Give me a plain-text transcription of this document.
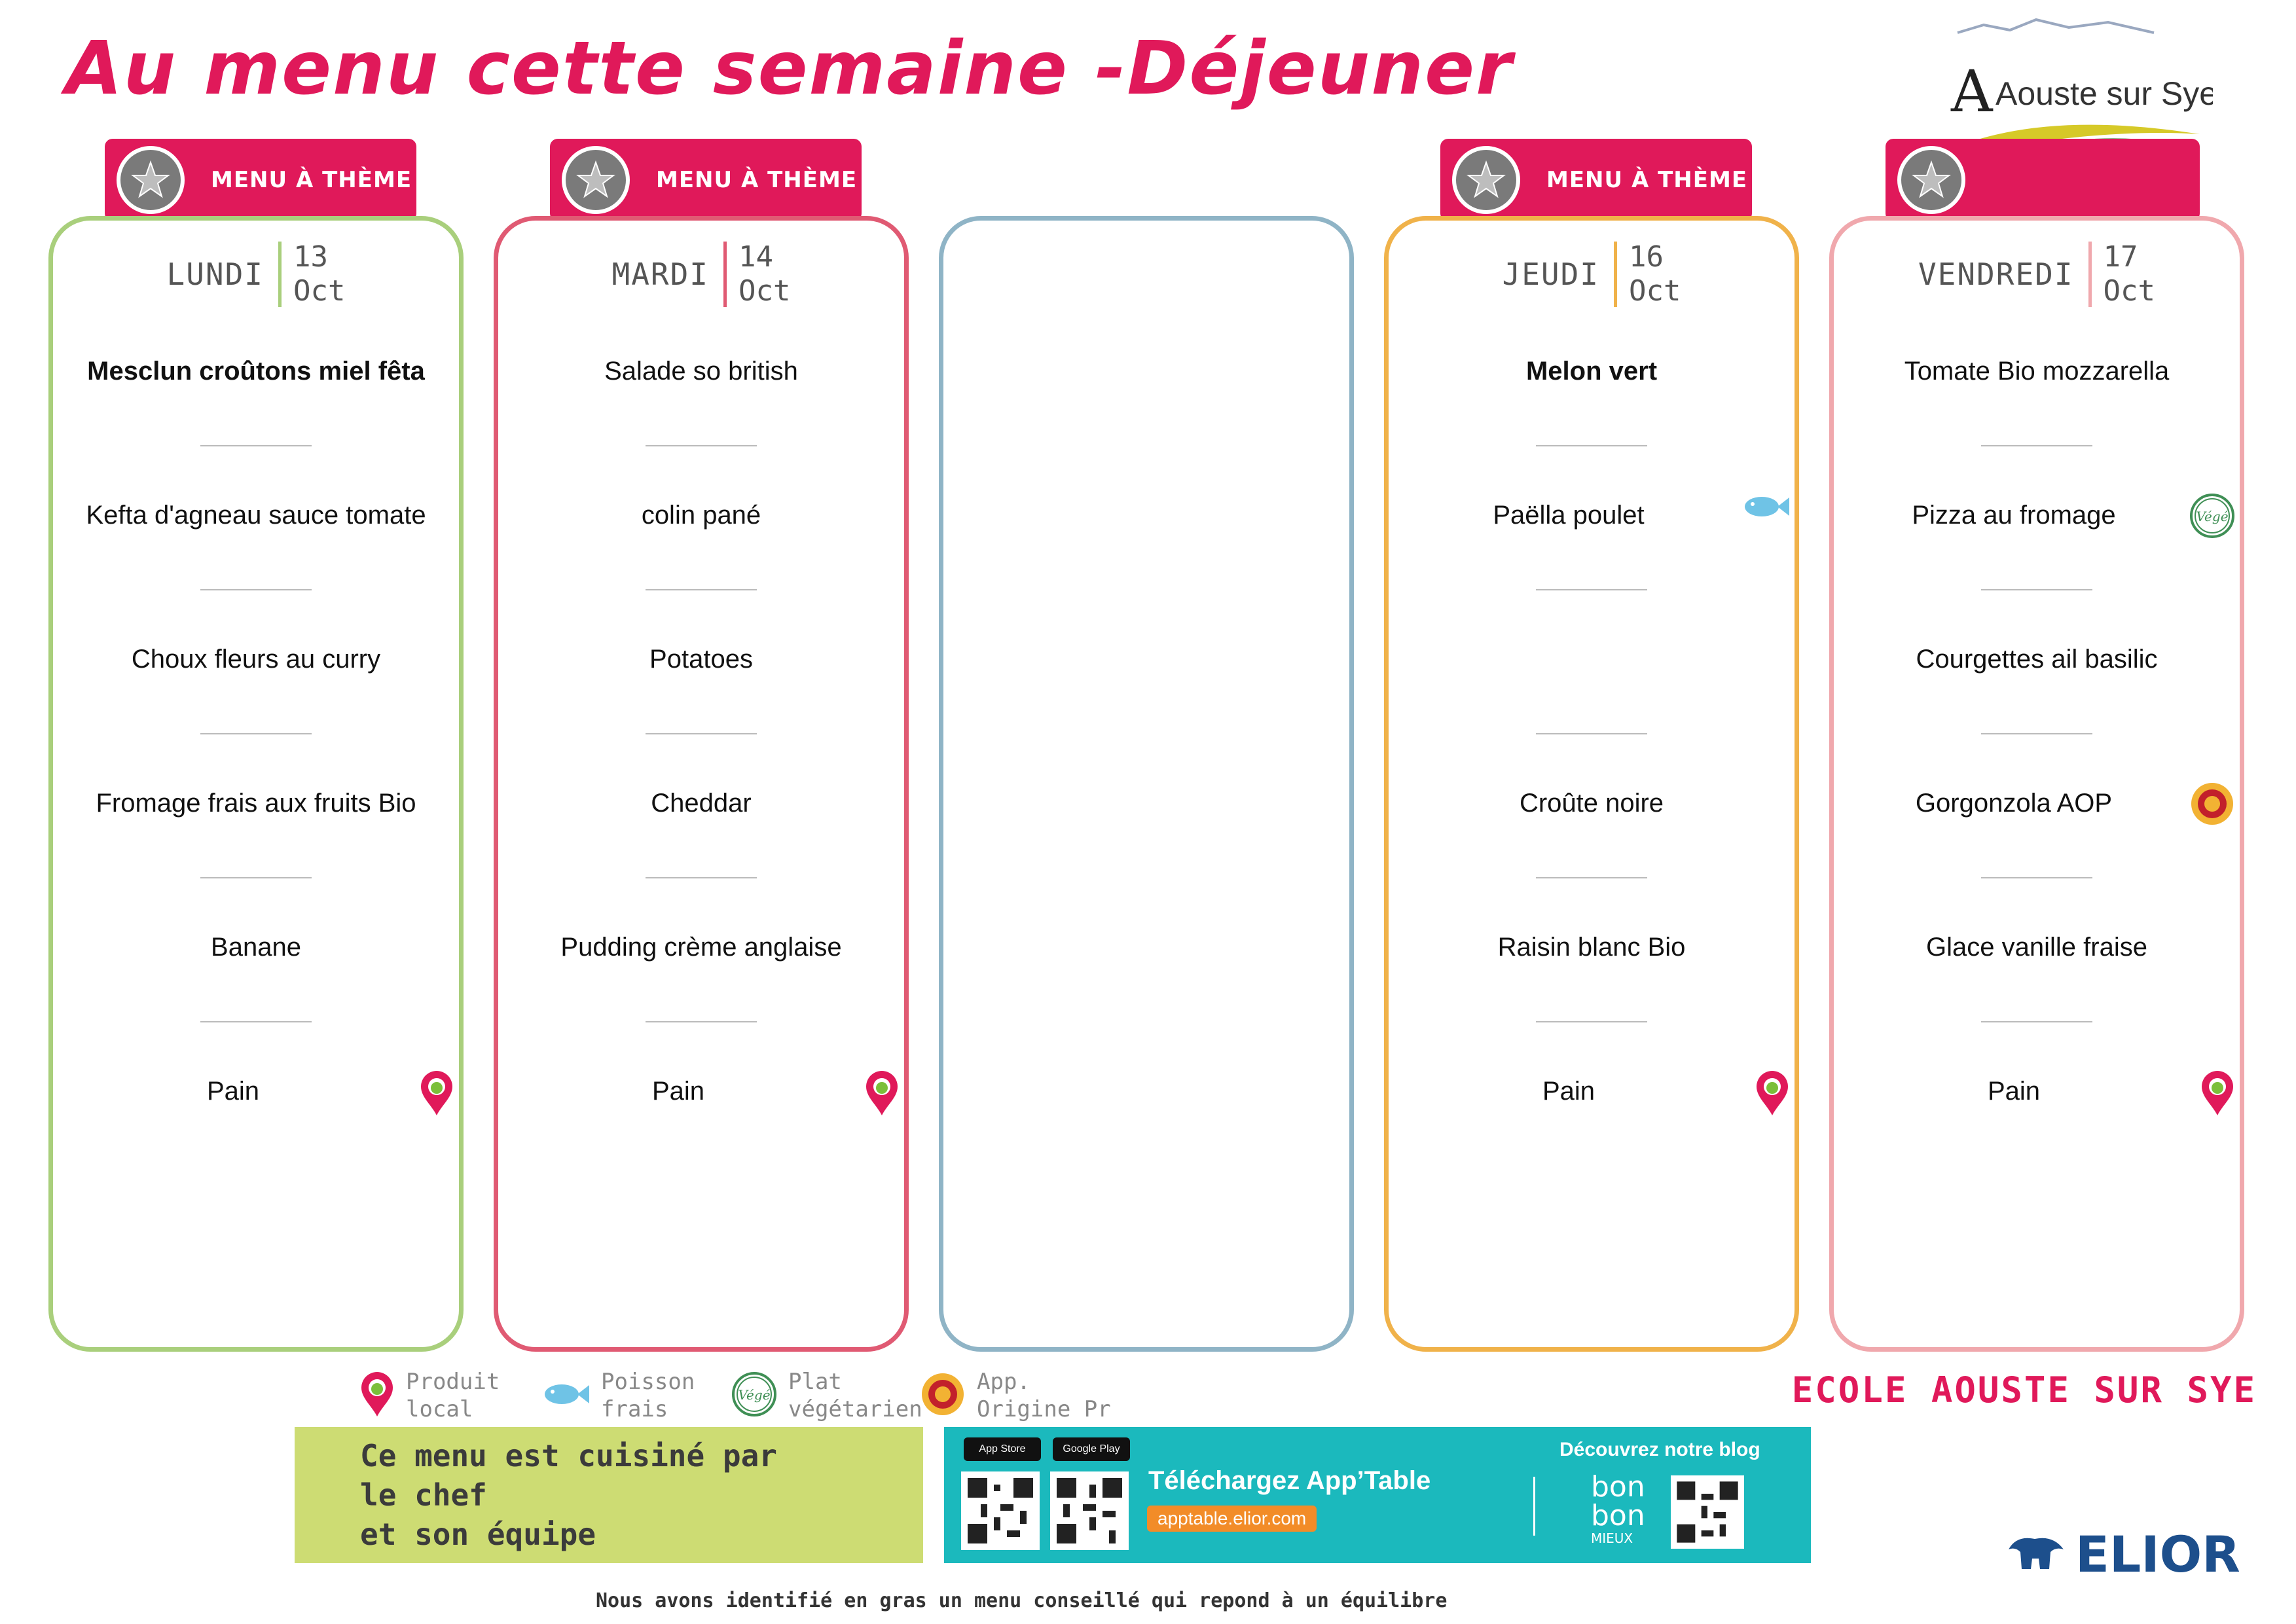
Au menu cette semaine -Déjeuner	A Aouste sur Sye
MENU À THÈME	MENU À THÈME	MENU À THÈME
LUNDI	13
Oct
Mesclun croûtons miel fêta
Kefta d'agneau sauce tomate
Choux fleurs au curry
Fromage frais aux fruits Bio
Banane
Pain
MARDI	14
Oct
Salade so british
colin pané
Potatoes
Cheddar
Pudding crème anglaise
Pain
JEUDI	16
Oct
Melon vert
Paëlla poulet
Croûte noire
Raisin blanc Bio
Pain
VENDREDI	17
Oct
Tomate Bio mozzarella
Pizza au fromage	Végé
Courgettes ail basilic
Gorgonzola AOP
Glace vanille fraise
Pain
Produit
local
Poisson
frais
Végé Plat
végétarien
App.
Origine Pr	ECOLE AOUSTE SUR SYE
Ce menu est cuisiné par
le chef
et son équipe
App Store	Google Play
Téléchargez App’Table
apptable.elior.com
Découvrez notre blog
bon
bon
MIEUX	ELIOR
Nous avons identifié en gras un menu conseillé qui repond à un équilibre
